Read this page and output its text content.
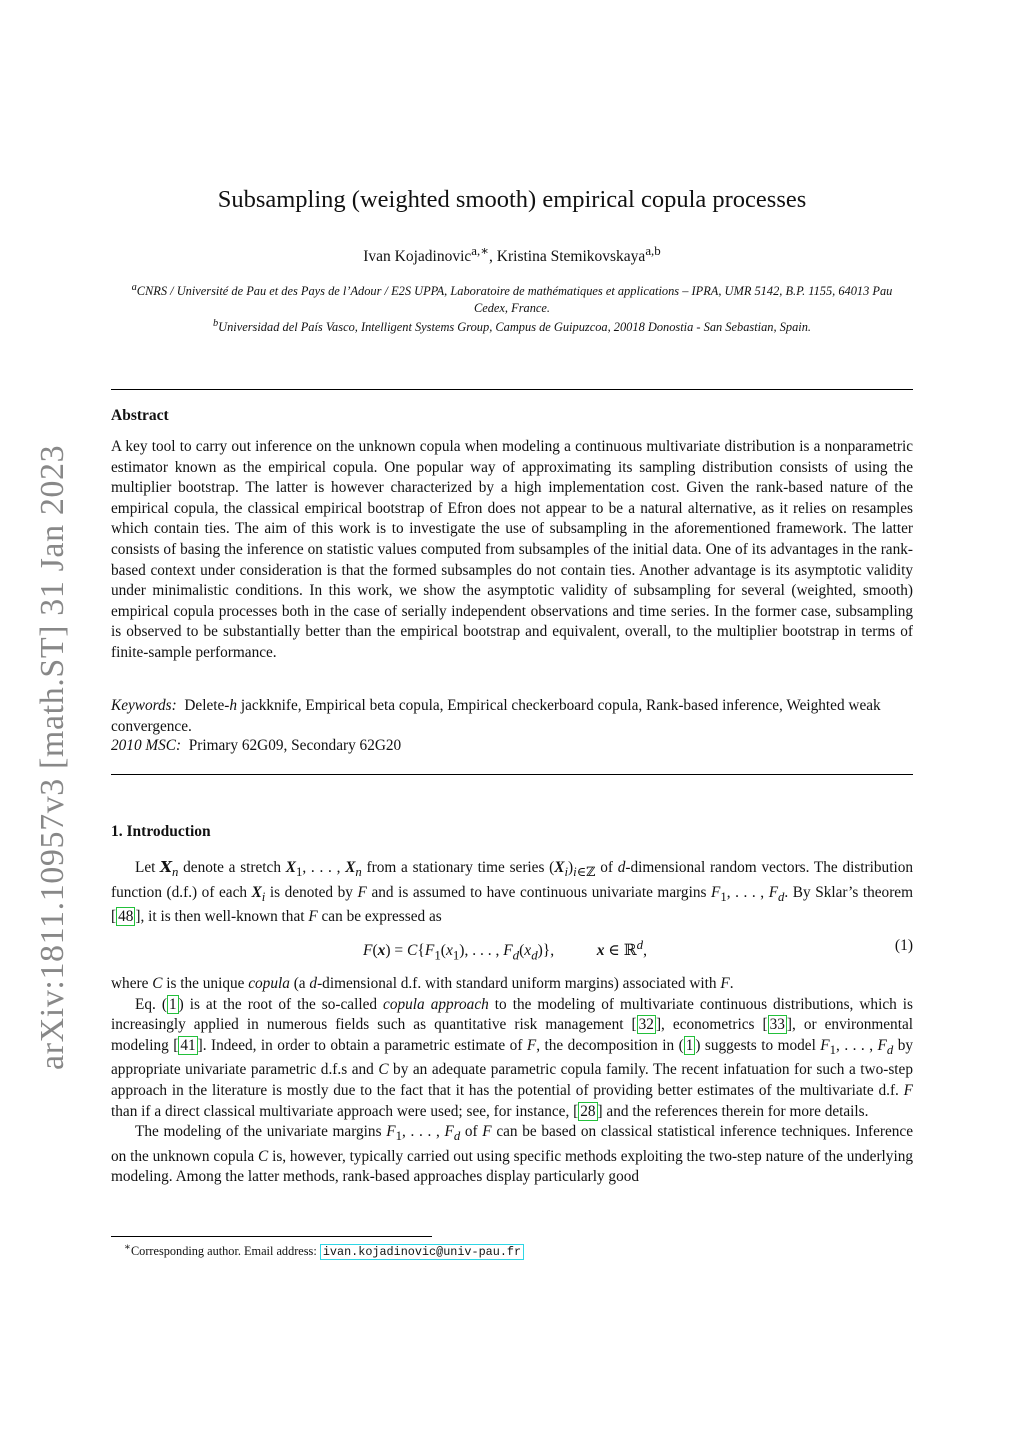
arXiv:1811.10957v3 [math.ST] 31 Jan 2023
Subsampling (weighted smooth) empirical copula processes
Ivan Kojadinovic$^{a,∗}$, Kristina Stemikovskaya$^{a,b}$
$^a$CNRS / Université de Pau et des Pays de l’Adour / E2S UPPA, Laboratoire de mathématiques et applications – IPRA, UMR 5142, B.P. 1155, 64013 Pau Cedex, France.
$^b$Universidad del País Vasco, Intelligent Systems Group, Campus de Guipuzcoa, 20018 Donostia - San Sebastian, Spain.
Abstract
A key tool to carry out inference on the unknown copula when modeling a continuous multivariate distribution is a nonparametric estimator known as the empirical copula. One popular way of approximating its sampling distribution consists of using the multiplier bootstrap. The latter is however characterized by a high implementation cost. Given the rank-based nature of the empirical copula, the classical empirical bootstrap of Efron does not appear to be a natural alternative, as it relies on resamples which contain ties. The aim of this work is to investigate the use of subsampling in the aforementioned framework. The latter consists of basing the inference on statistic values computed from subsamples of the initial data. One of its advantages in the rank-based context under consideration is that the formed subsamples do not contain ties. Another advantage is its asymptotic validity under minimalistic conditions. In this work, we show the asymptotic validity of subsampling for several (weighted, smooth) empirical copula processes both in the case of serially independent observations and time series. In the former case, subsampling is observed to be substantially better than the empirical bootstrap and equivalent, overall, to the multiplier bootstrap in terms of finite-sample performance.
Keywords: Delete-h jackknife, Empirical beta copula, Empirical checkerboard copula, Rank-based inference, Weighted weak convergence.
2010 MSC: Primary 62G09, Secondary 62G20
1. Introduction
Let 𝑿$_n$ denote a stretch $X_1$, . . . , $X_n$ from a stationary time series $(X_i)_{i\in ℤ}$ of d-dimensional random vectors. The distribution function (d.f.) of each $X_i$ is denoted by F and is assumed to have continuous univariate margins $F_1$, . . . , $F_d$. By Sklar’s theorem [ 48 ], it is then well-known that F can be expressed as
$F(x) = C\{F_1(x_1)$, . . . , $F_d(x_d)$},           x ∈ ℝ$^d$,	(1)
where C is the unique copula (a d-dimensional d.f. with standard uniform margins) associated with F.
Eq. ( 1 ) is at the root of the so-called copula approach to the modeling of multivariate continuous distributions, which is increasingly applied in numerous fields such as quantitative risk management [ 32 ], econometrics [ 33 ], or environmental modeling [ 41 ]. Indeed, in order to obtain a parametric estimate of F, the decomposition in ( 1 ) suggests to model $F_1$, . . . , $F_d$ by appropriate univariate parametric d.f.s and C by an adequate parametric copula family. The recent infatuation for such a two-step approach in the literature is mostly due to the fact that it has the potential of providing better estimates of the multivariate d.f. F than if a direct classical multivariate approach were used; see, for instance, [ 28 ] and the references therein for more details.
The modeling of the univariate margins $F_1$, . . . , $F_d$ of F can be based on classical statistical inference techniques. Inference on the unknown copula C is, however, typically carried out using specific methods exploiting the two-step nature of the underlying modeling. Among the latter methods, rank-based approaches display particularly good
∗Corresponding author. Email address: ivan.kojadinovic@univ-pau.fr
